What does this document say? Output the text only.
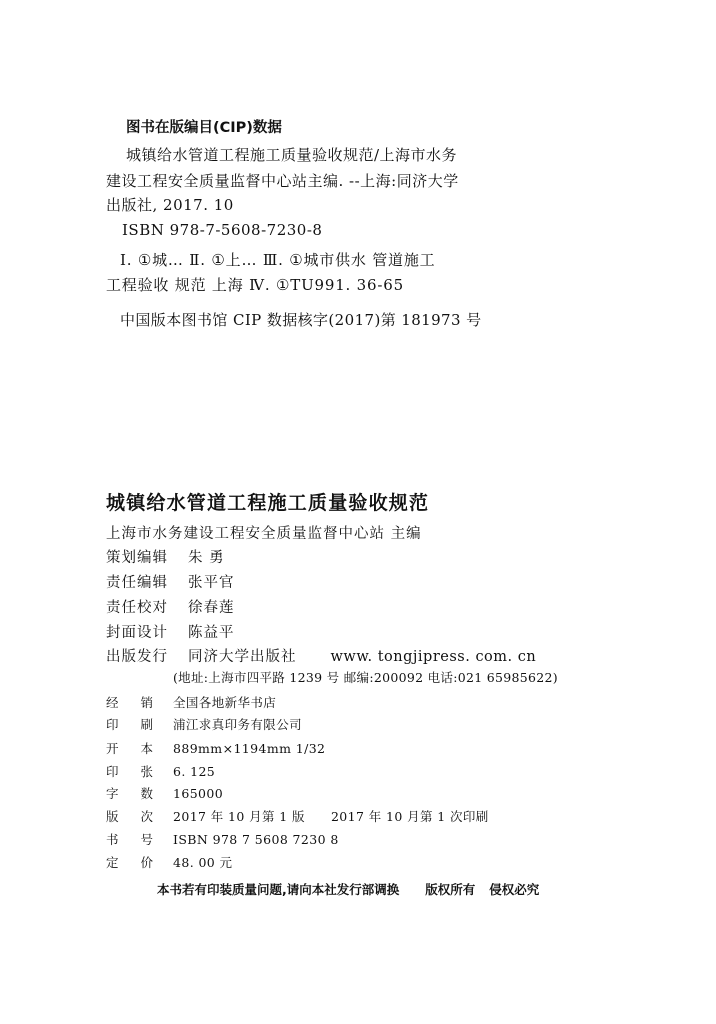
图书在版编目(CIP)数据
城镇给水管道工程施工质量验收规范/上海市水务
建设工程安全质量监督中心站主编. --上海:同济大学
出版社, 2017. 10
ISBN 978-7-5608-7230-8
Ⅰ. ①城… Ⅱ. ①上… Ⅲ. ①城市供水 管道施工
工程验收 规范 上海 Ⅳ. ①TU991. 36-65
中国版本图书馆 CIP 数据核字(2017)第 181973 号
城镇给水管道工程施工质量验收规范
上海市水务建设工程安全质量监督中心站 主编
策划编辑 朱 勇
责任编辑 张平官
责任校对 徐春莲
封面设计 陈益平
出版发行 同济大学出版社 www. tongjipress. com. cn
(地址:上海市四平路 1239 号 邮编:200092 电话:021 65985622)
经销全国各地新华书店
印刷浦江求真印务有限公司
开本889mm×1194mm 1/32
印张6. 125
字数165000
版次2017 年 10 月第 1 版 2017 年 10 月第 1 次印刷
书号ISBN 978 7 5608 7230 8
定价48. 00 元
本书若有印装质量问题,请向本社发行部调换 版权所有 侵权必究
